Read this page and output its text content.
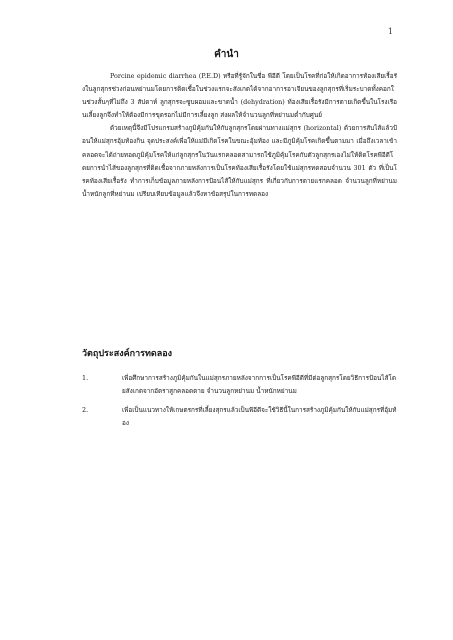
1
คำนำ

Porcine epidemic diarrhea (P.E.D) หรือที่รู้จักในชื่อ พีอีดี โดยเป็นโรคที่ก่อให้เกิดอาการท้องเสียเรื้อรังในลูกสุกรช่วงก่อนหย่านมโดยการติดเชื้อในช่วงแรกจะสังเกตได้จากอาการอาเจียนของลูกสุกรที่เริ่มระบาดทั้งคอกในช่วงสั้นๆที่ไม่ถึง 3 สัปดาห์ ลูกสุกรจะซูบผอมและขาดน้ำ (dehydration) ท้องเสียเรื้อรังมีการตายเกิดขึ้นในโรงเรือนเลี้ยงลูกจึงทำให้ต้องมีการขุดรอกไม่มีการเลี้ยงลูก ส่งผลให้จำนวนลูกที่หย่านมต่ำกับศูนย์

ด้วยเหตุนี้จึงมีโปรแกรมสร้างภูมิคุ้มกันให้กับลูกสุกรโดยผ่านทางแม่สุกร (horizontal) ด้วยการสับไส้แล้วป้อนให้แม่สุกรอุ้มท้องกิน จุดประสงค์เพื่อให้แม่มีเกิดโรคในขณะอุ้มท้อง และมีภูมิคุ้มโรคเกิดขึ้นตามมา เมื่อถึงเวลาเข้าคลอดจะได้ถ่ายทอดภูมิคุ้มโรคให้แก่ลูกสุกรในวันแรกคลอดสามารถใช้ภูมิคุ้มโรคกับตัวลูกสุกรเองไม่ให้ติดโรคพีอีดีโดยการนำไส้ของลูกสุกรที่ติดเชื้อจากภายหลังการเป็นโรคท้องเสียเรื้อรังโดยใช้แม่สุกรทดสอบจำนวน 301 ตัว ที่เป็นโรคท้องเสียเรื้อรัง ทำการเก็บข้อมูลภายหลังการป้อนไส้ให้กับแม่สุกร ที่เกี่ยวกับการตายแรกคลอด จำนวนลูกที่หย่านม น้ำหนักลูกที่หย่านม เปรียบเทียบข้อมูลแล้วจึงหาข้อสรุปในการทดลอง

วัตถุประสงค์การทดลอง
1.	เพื่อศึกษาการสร้างภูมิคุ้มกันในแม่สุกรภายหลังจากการเป็นโรคพีอีดีที่มีต่อลูกสุกรโดยวิธีการป้อนไส้โดยสังเกตจากอัตราสูกคลอดตาย จำนวนลูกหย่านม น้ำหนักหย่านม
2.	เพื่อเป็นแนวทางให้เกษตรกรที่เลี้ยงสุกรแล้วเป็นพีอีดีจะใช้วิธีนี้ในการสร้างภูมิคุ้มกันให้กับแม่สุกรที่อุ้มท้อง
